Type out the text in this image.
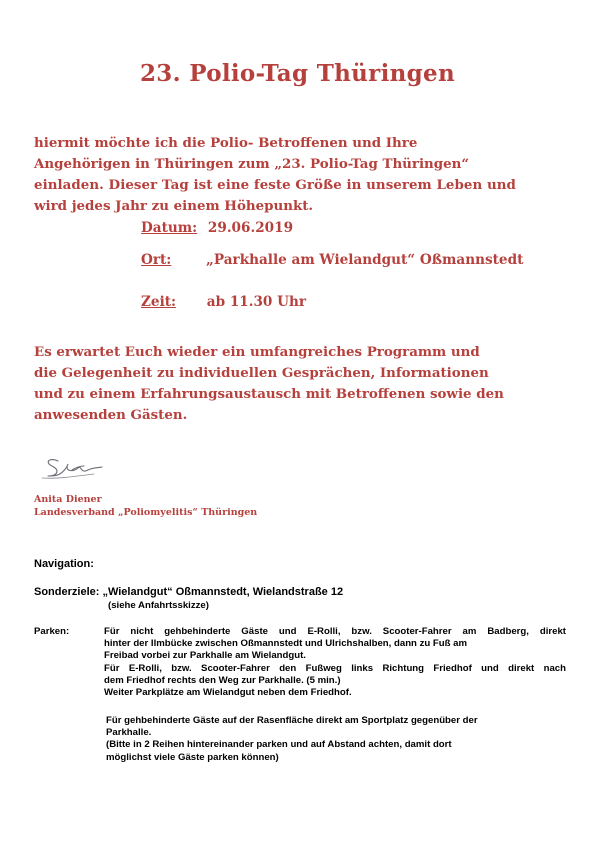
23. Polio-Tag Thüringen
hiermit möchte ich die Polio- Betroffenen und Ihre
Angehörigen in Thüringen zum „23. Polio-Tag Thüringen“
einladen. Dieser Tag ist eine feste Größe in unserem Leben und
wird jedes Jahr zu einem Höhepunkt.
Datum: 29.06.2019
Ort:	„Parkhalle am Wielandgut“ Oßmannstedt
Zeit: ab 11.30 Uhr
Es erwartet Euch wieder ein umfangreiches Programm und
die Gelegenheit zu individuellen Gesprächen, Informationen
und zu einem Erfahrungsaustausch mit Betroffenen sowie den
anwesenden Gästen.
Anita Diener
Landesverband „Poliomyelitis“ Thüringen
Navigation:
Sonderziele: „Wielandgut“ Oßmannstedt, Wielandstraße 12
(siehe Anfahrtsskizze)
Parken:	Für nicht gehbehinderte Gäste und E-Rolli, bzw. Scooter-Fahrer am Badberg, direkt
hinter der Ilmbücke zwischen Oßmannstedt und Ulrichshalben, dann zu Fuß am
Freibad vorbei zur Parkhalle am Wielandgut.
Für E-Rolli, bzw. Scooter-Fahrer den Fußweg links Richtung Friedhof und direkt nach
dem Friedhof rechts den Weg zur Parkhalle. (5 min.)
Weiter Parkplätze am Wielandgut neben dem Friedhof.
Für gehbehinderte Gäste auf der Rasenfläche direkt am Sportplatz gegenüber der
Parkhalle.
(Bitte in 2 Reihen hintereinander parken und auf Abstand achten, damit dort
möglichst viele Gäste parken können)
